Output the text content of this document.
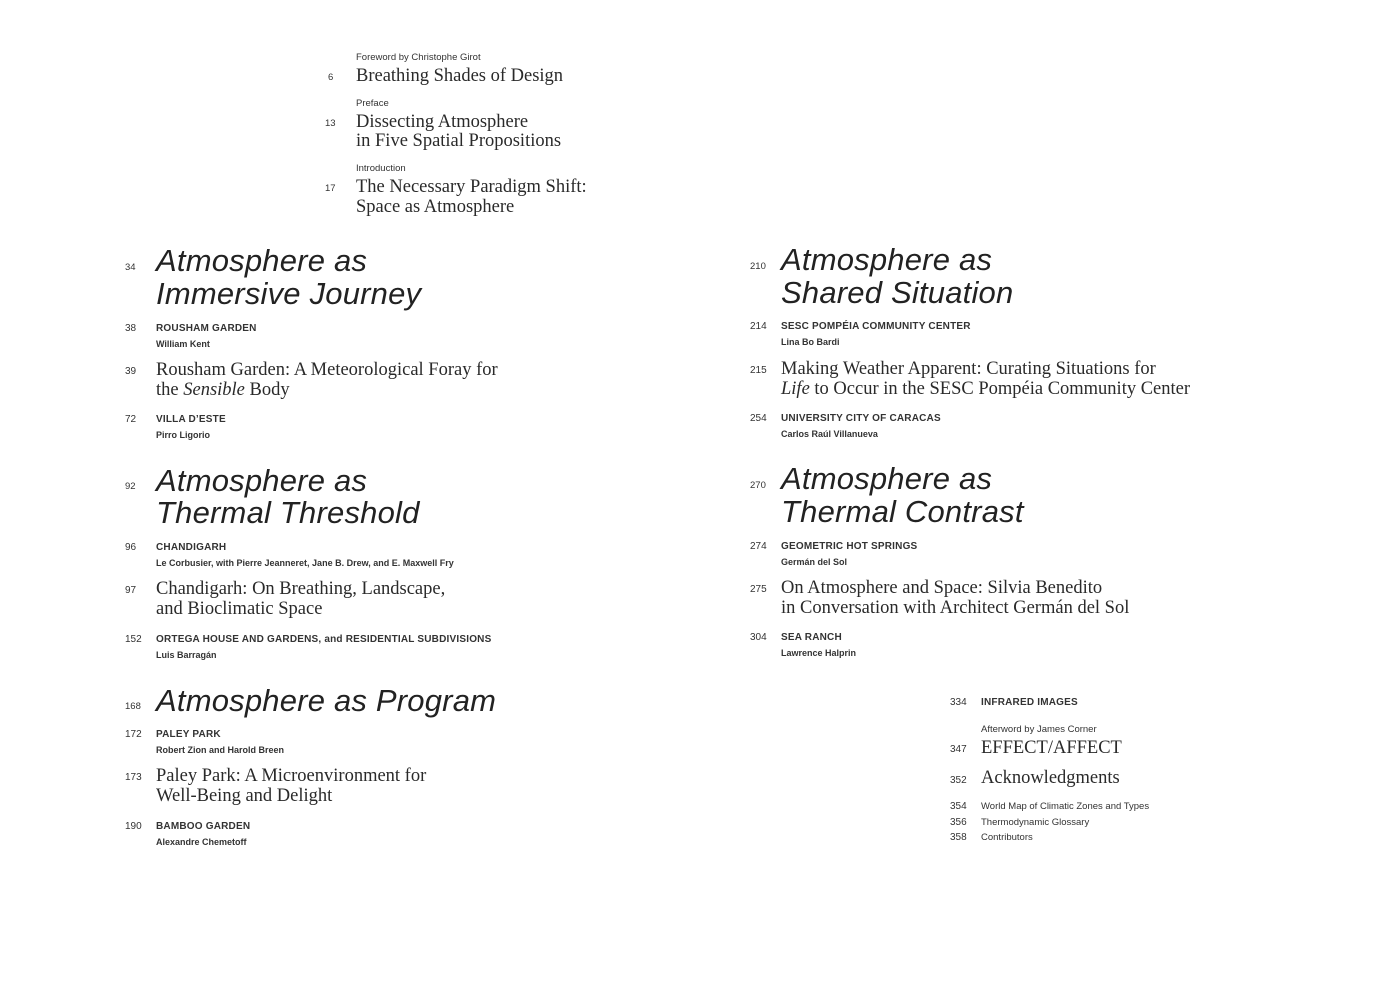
Foreword by Christophe Girot
6 Breathing Shades of Design
Preface
13 Dissecting Atmosphere
in Five Spatial Propositions
Introduction
17 The Necessary Paradigm Shift:
Space as Atmosphere
34 Atmosphere as
Immersive Journey
38 ROUSHAM GARDEN
William Kent
39 Rousham Garden: A Meteorological Foray for
the Sensible Body
72 VILLA D’ESTE
Pirro Ligorio
92 Atmosphere as
Thermal Threshold
96 CHANDIGARH
Le Corbusier, with Pierre Jeanneret, Jane B. Drew, and E. Maxwell Fry
97 Chandigarh: On Breathing, Landscape,
and Bioclimatic Space
152 ORTEGA HOUSE AND GARDENS, and RESIDENTIAL SUBDIVISIONS
Luis Barragán
168 Atmosphere as Program
172 PALEY PARK
Robert Zion and Harold Breen
173 Paley Park: A Microenvironment for
Well-Being and Delight
190 BAMBOO GARDEN
Alexandre Chemetoff
210 Atmosphere as
Shared Situation
214 SESC POMPÉIA COMMUNITY CENTER
Lina Bo Bardi
215 Making Weather Apparent: Curating Situations for
Life to Occur in the SESC Pompéia Community Center
254 UNIVERSITY CITY OF CARACAS
Carlos Raúl Villanueva
270 Atmosphere as
Thermal Contrast
274 GEOMETRIC HOT SPRINGS
Germán del Sol
275 On Atmosphere and Space: Silvia Benedito
in Conversation with Architect Germán del Sol
304 SEA RANCH
Lawrence Halprin
334 INFRARED IMAGES
Afterword by James Corner
347 EFFECT/AFFECT
352 Acknowledgments
354 World Map of Climatic Zones and Types
356 Thermodynamic Glossary
358 Contributors
